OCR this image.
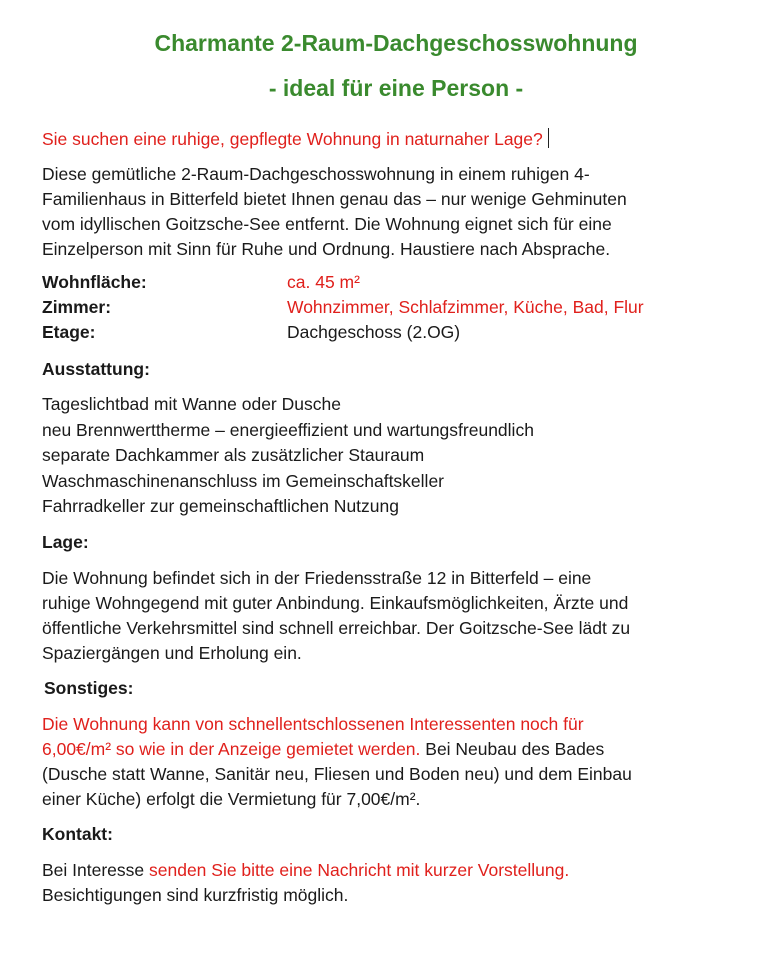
Charmante 2-Raum-Dachgeschosswohnung
- ideal für eine Person -

Sie suchen eine ruhige, gepflegte Wohnung in naturnaher Lage?

Diese gemütliche 2-Raum-Dachgeschosswohnung in einem ruhigen 4-
Familienhaus in Bitterfeld bietet Ihnen genau das – nur wenige Gehminuten
vom idyllischen Goitzsche-See entfernt. Die Wohnung eignet sich für eine
Einzelperson mit Sinn für Ruhe und Ordnung. Haustiere nach Absprache.
Wohnfläche:	ca. 45 m²
Zimmer:	Wohnzimmer, Schlafzimmer, Küche, Bad, Flur
Etage:	Dachgeschoss (2.OG)
Ausstattung:
Tageslichtbad mit Wanne oder Dusche
neu Brennwerttherme – energieeffizient und wartungsfreundlich
separate Dachkammer als zusätzlicher Stauraum
Waschmaschinenanschluss im Gemeinschaftskeller
Fahrradkeller zur gemeinschaftlichen Nutzung
Lage:
Die Wohnung befindet sich in der Friedensstraße 12 in Bitterfeld – eine
ruhige Wohngegend mit guter Anbindung. Einkaufsmöglichkeiten, Ärzte und
öffentliche Verkehrsmittel sind schnell erreichbar. Der Goitzsche-See lädt zu
Spaziergängen und Erholung ein.
Sonstiges:
Die Wohnung kann von schnellentschlossenen Interessenten noch für
6,00€/m² so wie in der Anzeige gemietet werden. Bei Neubau des Bades
(Dusche statt Wanne, Sanitär neu, Fliesen und Boden neu) und dem Einbau
einer Küche) erfolgt die Vermietung für 7,00€/m².
Kontakt:
Bei Interesse senden Sie bitte eine Nachricht mit kurzer Vorstellung.
Besichtigungen sind kurzfristig möglich.
